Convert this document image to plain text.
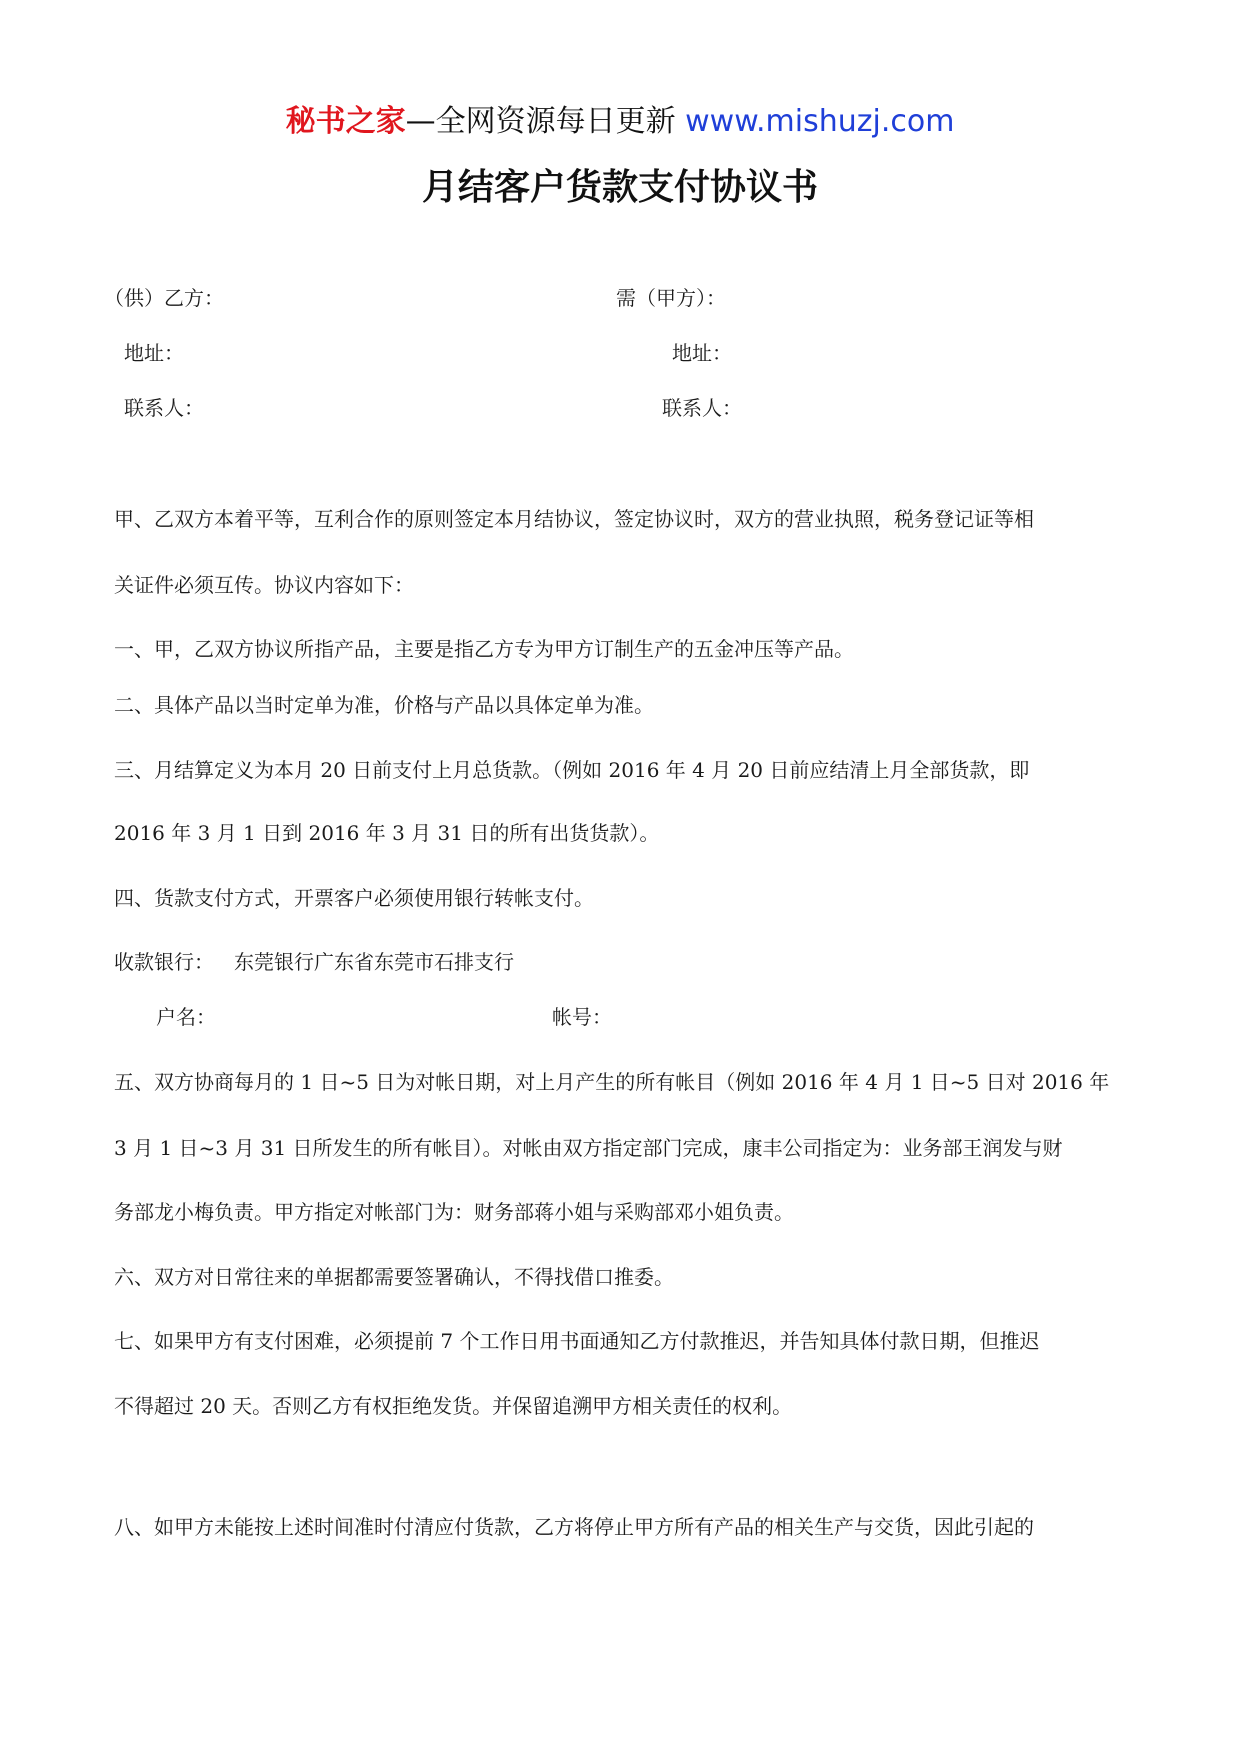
秘书之家—全网资源每日更新 www.mishuzj.com
月结客户货款支付协议书
（供）乙方：	需（甲方）：
地址：	地址：
联系人：	联系人：
甲、乙双方本着平等，互利合作的原则签定本月结协议，签定协议时，双方的营业执照，税务登记证等相
关证件必须互传。协议内容如下：
一、甲，乙双方协议所指产品，主要是指乙方专为甲方订制生产的五金冲压等产品。
二、具体产品以当时定单为准，价格与产品以具体定单为准。
三、月结算定义为本月 20 日前支付上月总货款。（例如 2016 年 4 月 20 日前应结清上月全部货款，即
2016 年 3 月 1 日到 2016 年 3 月 31 日的所有出货货款）。
四、货款支付方式，开票客户必须使用银行转帐支付。
收款银行： 东莞银行广东省东莞市石排支行
户名：	帐号：
五、双方协商每月的 1 日~5 日为对帐日期，对上月产生的所有帐目（例如 2016 年 4 月 1 日~5 日对 2016 年
3 月 1 日~3 月 31 日所发生的所有帐目）。对帐由双方指定部门完成，康丰公司指定为：业务部王润发与财
务部龙小梅负责。甲方指定对帐部门为：财务部蒋小姐与采购部邓小姐负责。
六、双方对日常往来的单据都需要签署确认，不得找借口推委。
七、如果甲方有支付困难，必须提前 7 个工作日用书面通知乙方付款推迟，并告知具体付款日期，但推迟
不得超过 20 天。否则乙方有权拒绝发货。并保留追溯甲方相关责任的权利。
八、如甲方未能按上述时间准时付清应付货款，乙方将停止甲方所有产品的相关生产与交货，因此引起的
